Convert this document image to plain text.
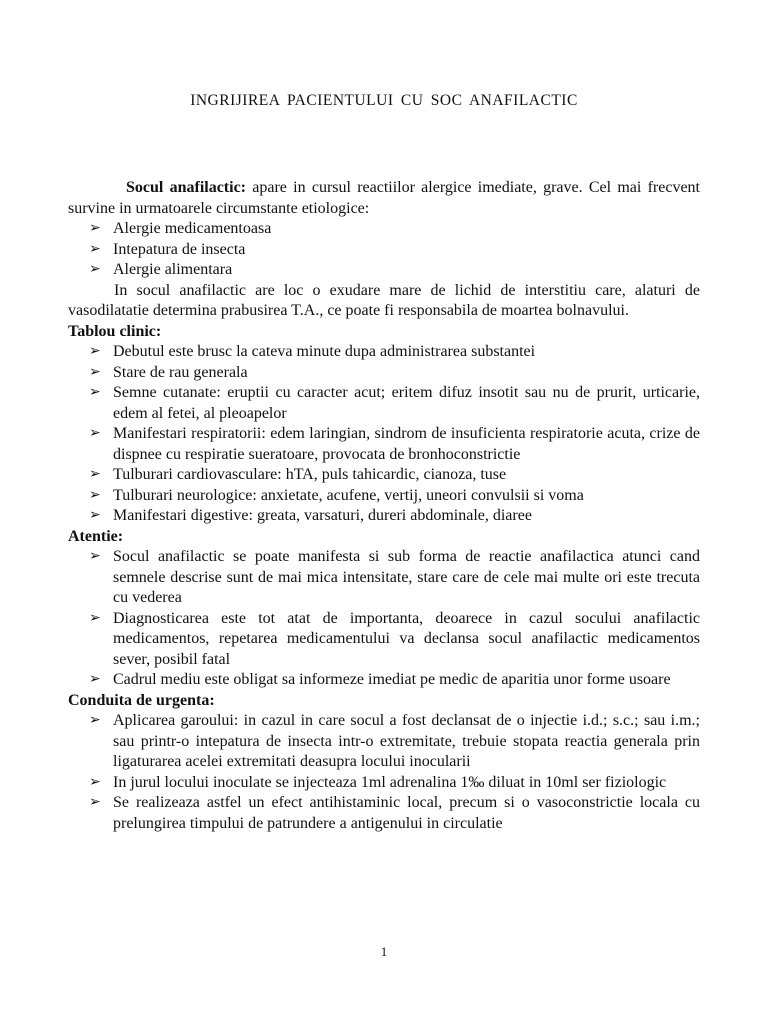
INGRIJIREA PACIENTULUI CU SOC ANAFILACTIC

Socul anafilactic: apare in cursul reactiilor alergice imediate, grave. Cel mai frecvent survine in urmatoarele circumstante etiologice:

➢ Alergie medicamentoasa
➢ Intepatura de insecta
➢ Alergie alimentara

In socul anafilactic are loc o exudare mare de lichid de interstitiu care, alaturi de vasodilatatie determina prabusirea T.A., ce poate fi responsabila de moartea bolnavului.

Tablou clinic:

➢ Debutul este brusc la cateva minute dupa administrarea substantei
➢ Stare de rau generala
➢ Semne cutanate: eruptii cu caracter acut; eritem difuz insotit sau nu de prurit, urticarie, edem al fetei, al pleoapelor
➢ Manifestari respiratorii: edem laringian, sindrom de insuficienta respiratorie acuta, crize de dispnee cu respiratie sueratoare, provocata de bronhoconstrictie
➢ Tulburari cardiovasculare: hTA, puls tahicardic, cianoza, tuse
➢ Tulburari neurologice: anxietate, acufene, vertij, uneori convulsii si voma
➢ Manifestari digestive: greata, varsaturi, dureri abdominale, diaree

Atentie:

➢ Socul anafilactic se poate manifesta si sub forma de reactie anafilactica atunci cand semnele descrise sunt de mai mica intensitate, stare care de cele mai multe ori este trecuta cu vederea
➢ Diagnosticarea este tot atat de importanta, deoarece in cazul socului anafilactic medicamentos, repetarea medicamentului va declansa socul anafilactic medicamentos sever, posibil fatal
➢ Cadrul mediu este obligat sa informeze imediat pe medic de aparitia unor forme usoare

Conduita de urgenta:

➢ Aplicarea garoului: in cazul in care socul a fost declansat de o injectie i.d.; s.c.; sau i.m.; sau printr-o intepatura de insecta intr-o extremitate, trebuie stopata reactia generala prin ligaturarea acelei extremitati deasupra locului inocularii
➢ In jurul locului inoculate se injecteaza 1ml adrenalina 1‰ diluat in 10ml ser fiziologic
➢ Se realizeaza astfel un efect antihistaminic local, precum si o vasoconstrictie locala cu prelungirea timpului de patrundere a antigenului in circulatie
1
